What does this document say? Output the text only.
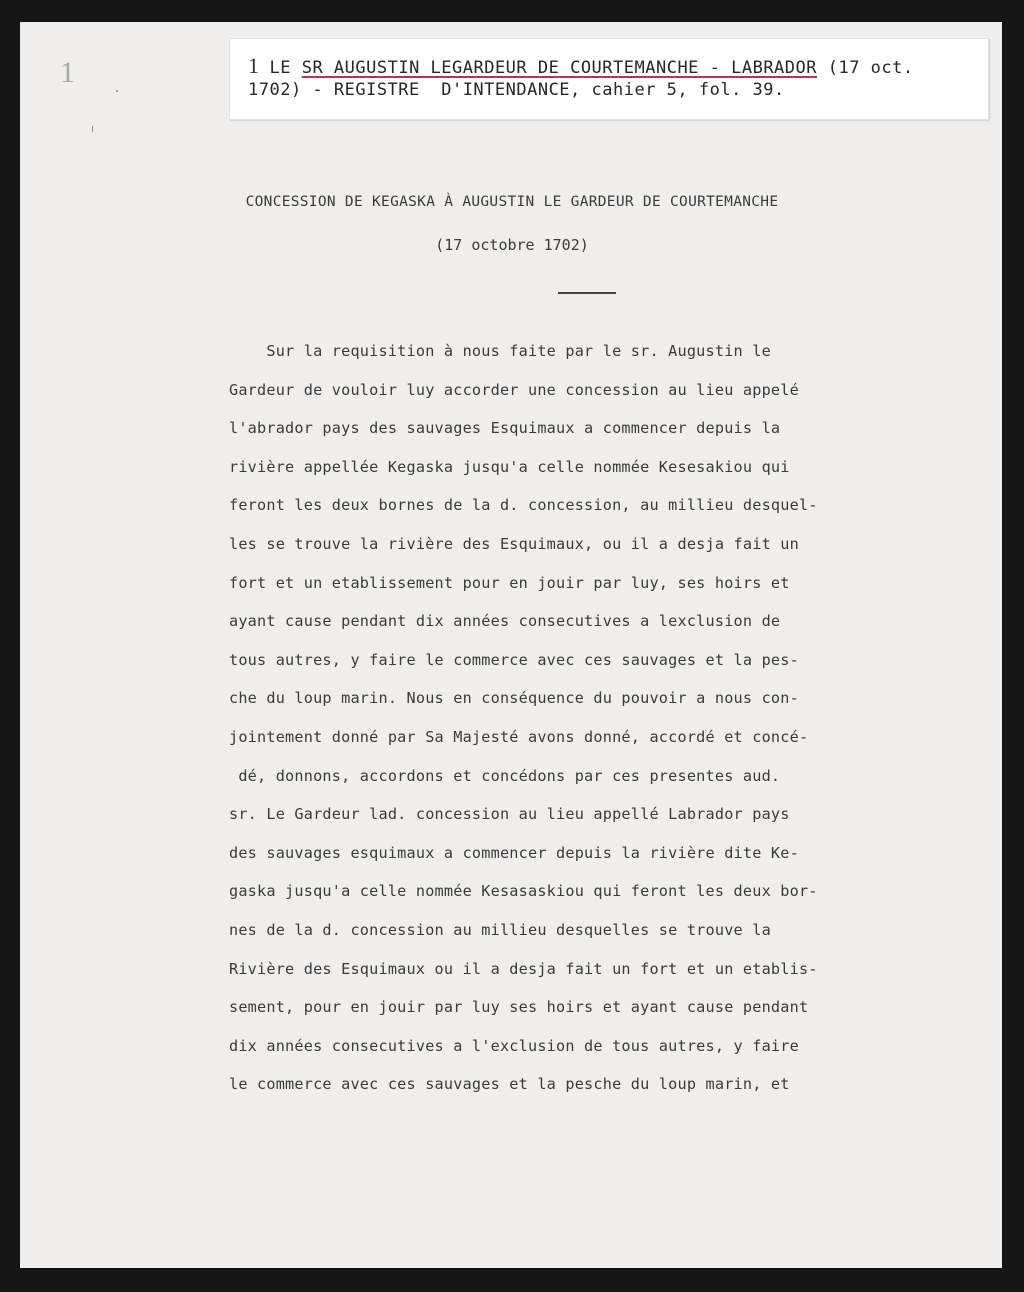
1	1 LE SR AUGUSTIN LEGARDEUR DE COURTEMANCHE - LABRADOR (17 oct.
1702) - REGISTRE  D'INTENDANCE, cahier 5, fol. 39.
CONCESSION DE KEGASKA À AUGUSTIN LE GARDEUR DE COURTEMANCHE
(17 octobre 1702)
Sur la requisition à nous faite par le sr. Augustin le
Gardeur de vouloir luy accorder une concession au lieu appelé
l'abrador pays des sauvages Esquimaux a commencer depuis la
rivière appellée Kegaska jusqu'a celle nommée Kesesakiou qui
feront les deux bornes de la d. concession, au millieu desquel-
les se trouve la rivière des Esquimaux, ou il a desja fait un
fort et un etablissement pour en jouir par luy, ses hoirs et
ayant cause pendant dix années consecutives a lexclusion de
tous autres, y faire le commerce avec ces sauvages et la pes-
che du loup marin. Nous en conséquence du pouvoir a nous con-
jointement donné par Sa Majesté avons donné, accordé et concé-
dé, donnons, accordons et concédons par ces presentes aud.
sr. Le Gardeur lad. concession au lieu appellé Labrador pays
des sauvages esquimaux a commencer depuis la rivière dite Ke-
gaska jusqu'a celle nommée Kesasaskiou qui feront les deux bor-
nes de la d. concession au millieu desquelles se trouve la
Rivière des Esquimaux ou il a desja fait un fort et un etablis-
sement, pour en jouir par luy ses hoirs et ayant cause pendant
dix années consecutives a l'exclusion de tous autres, y faire
le commerce avec ces sauvages et la pesche du loup marin, et
